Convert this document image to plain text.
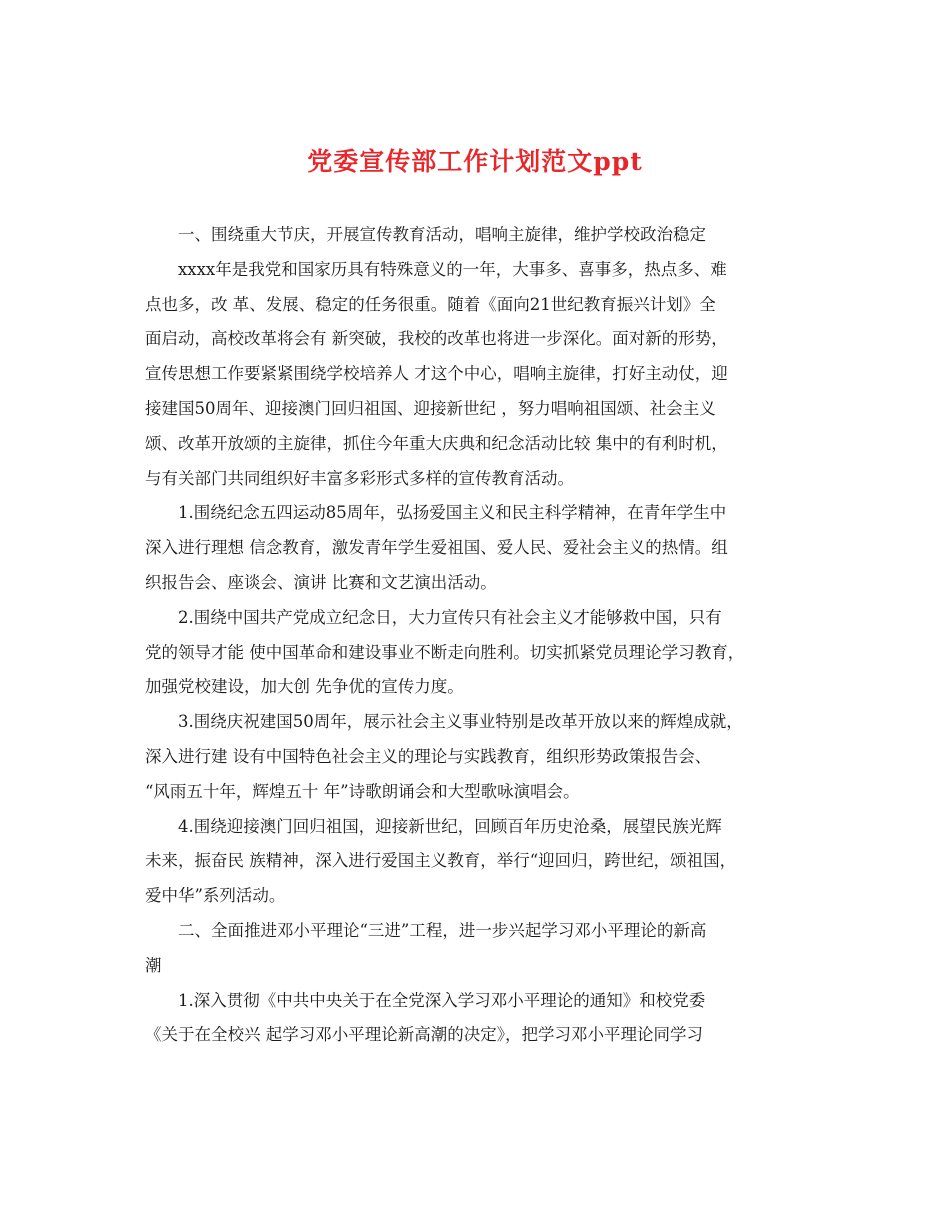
党委宣传部工作计划范文ppt

一、围绕重大节庆，开展宣传教育活动，唱响主旋律，维护学校政治稳定

xxxx年是我党和国家历具有特殊意义的一年，大事多、喜事多，热点多、难
点也多，改 革、发展、稳定的任务很重。随着《面向21世纪教育振兴计划》全
面启动，高校改革将会有 新突破，我校的改革也将进一步深化。面对新的形势，
宣传思想工作要紧紧围绕学校培养人 才这个中心，唱响主旋律，打好主动仗，迎
接建国50周年、迎接澳门回归祖国、迎接新世纪 ，努力唱响祖国颂、社会主义
颂、改革开放颂的主旋律，抓住今年重大庆典和纪念活动比较 集中的有利时机，
与有关部门共同组织好丰富多彩形式多样的宣传教育活动。

1.围绕纪念五四运动85周年，弘扬爱国主义和民主科学精神，在青年学生中
深入进行理想 信念教育，激发青年学生爱祖国、爱人民、爱社会主义的热情。组
织报告会、座谈会、演讲 比赛和文艺演出活动。

2.围绕中国共产党成立纪念日，大力宣传只有社会主义才能够救中国，只有
党的领导才能 使中国革命和建设事业不断走向胜利。切实抓紧党员理论学习教育，
加强党校建设，加大创 先争优的宣传力度。

3.围绕庆祝建国50周年，展示社会主义事业特别是改革开放以来的辉煌成就，
深入进行建 设有中国特色社会主义的理论与实践教育，组织形势政策报告会、
“风雨五十年，辉煌五十 年”诗歌朗诵会和大型歌咏演唱会。

4.围绕迎接澳门回归祖国，迎接新世纪，回顾百年历史沧桑，展望民族光辉
未来，振奋民 族精神，深入进行爱国主义教育，举行“迎回归，跨世纪，颂祖国，
爱中华”系列活动。

二、全面推进邓小平理论“三进”工程，进一步兴起学习邓小平理论的新高
潮

1.深入贯彻《中共中央关于在全党深入学习邓小平理论的通知》和校党委
《关于在全校兴 起学习邓小平理论新高潮的决定》，把学习邓小平理论同学习
